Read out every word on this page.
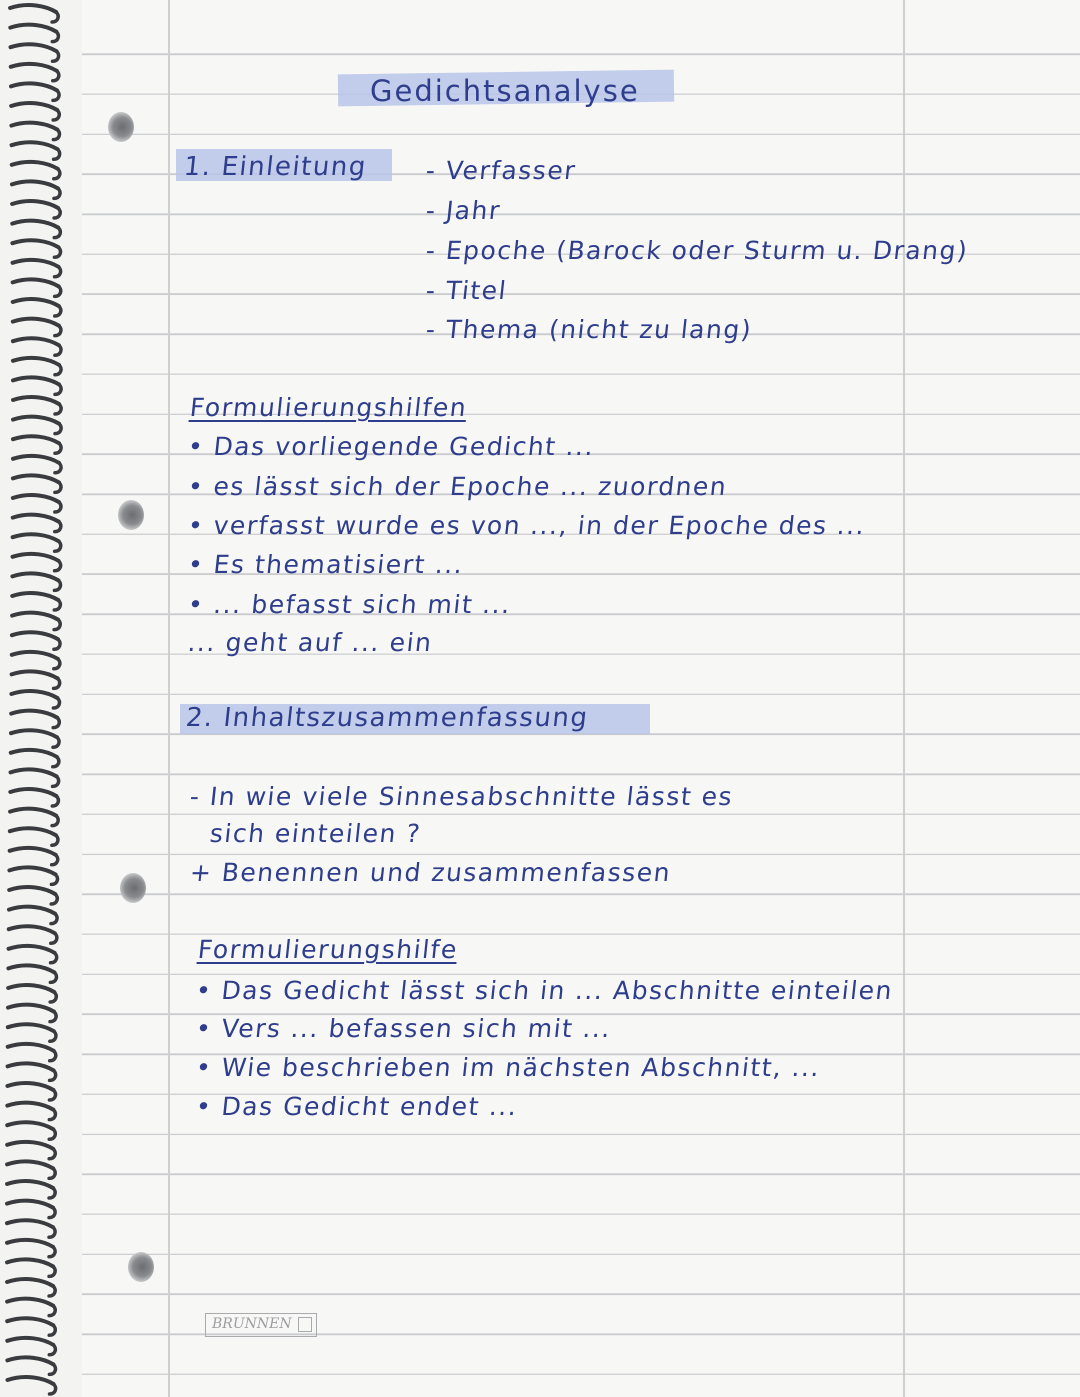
Gedichtsanalyse
1. Einleitung - Verfasser
- Jahr
- Epoche (Barock oder Sturm u. Drang)
- Titel
- Thema (nicht zu lang)
Formulierungshilfen
• Das vorliegende Gedicht ...
• es lässt sich der Epoche ... zuordnen
• verfasst wurde es von ..., in der Epoche des ...
• Es thematisiert ...
• ... befasst sich mit ...
... geht auf ... ein
2. Inhaltszusammenfassung
- In wie viele Sinnesabschnitte lässt es
sich einteilen ?
+ Benennen und zusammenfassen
Formulierungshilfe
• Das Gedicht lässt sich in ... Abschnitte einteilen
• Vers ... befassen sich mit ...
• Wie beschrieben im nächsten Abschnitt, ...
• Das Gedicht endet ...
BRUNNEN
